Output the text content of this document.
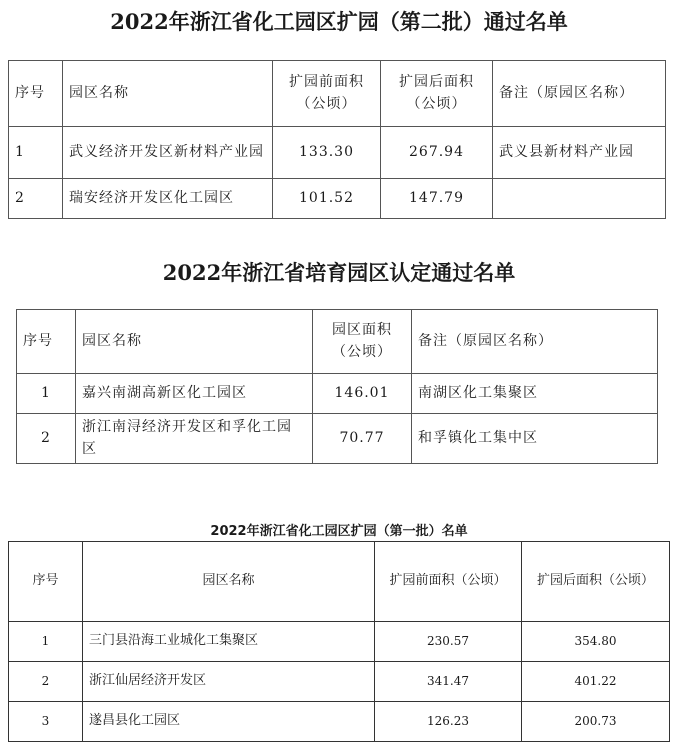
2022年浙江省化工园区扩园（第二批）通过名单
序号	园区名称	扩园前面积（公顷）	扩园后面积（公顷）	备注（原园区名称）
1	武义经济开发区新材料产业园	133.30	267.94	武义县新材料产业园
2	瑞安经济开发区化工园区	101.52	147.79	
2022年浙江省培育园区认定通过名单
序号	园区名称	园区面积（公顷）	备注（原园区名称）
1	嘉兴南湖高新区化工园区	146.01	南湖区化工集聚区
2	浙江南浔经济开发区和孚化工园区	70.77	和孚镇化工集中区
2022年浙江省化工园区扩园（第一批）名单
序号	园区名称	扩园前面积（公顷）	扩园后面积（公顷）
1	三门县沿海工业城化工集聚区	230.57	354.80
2	浙江仙居经济开发区	341.47	401.22
3	遂昌县化工园区	126.23	200.73
